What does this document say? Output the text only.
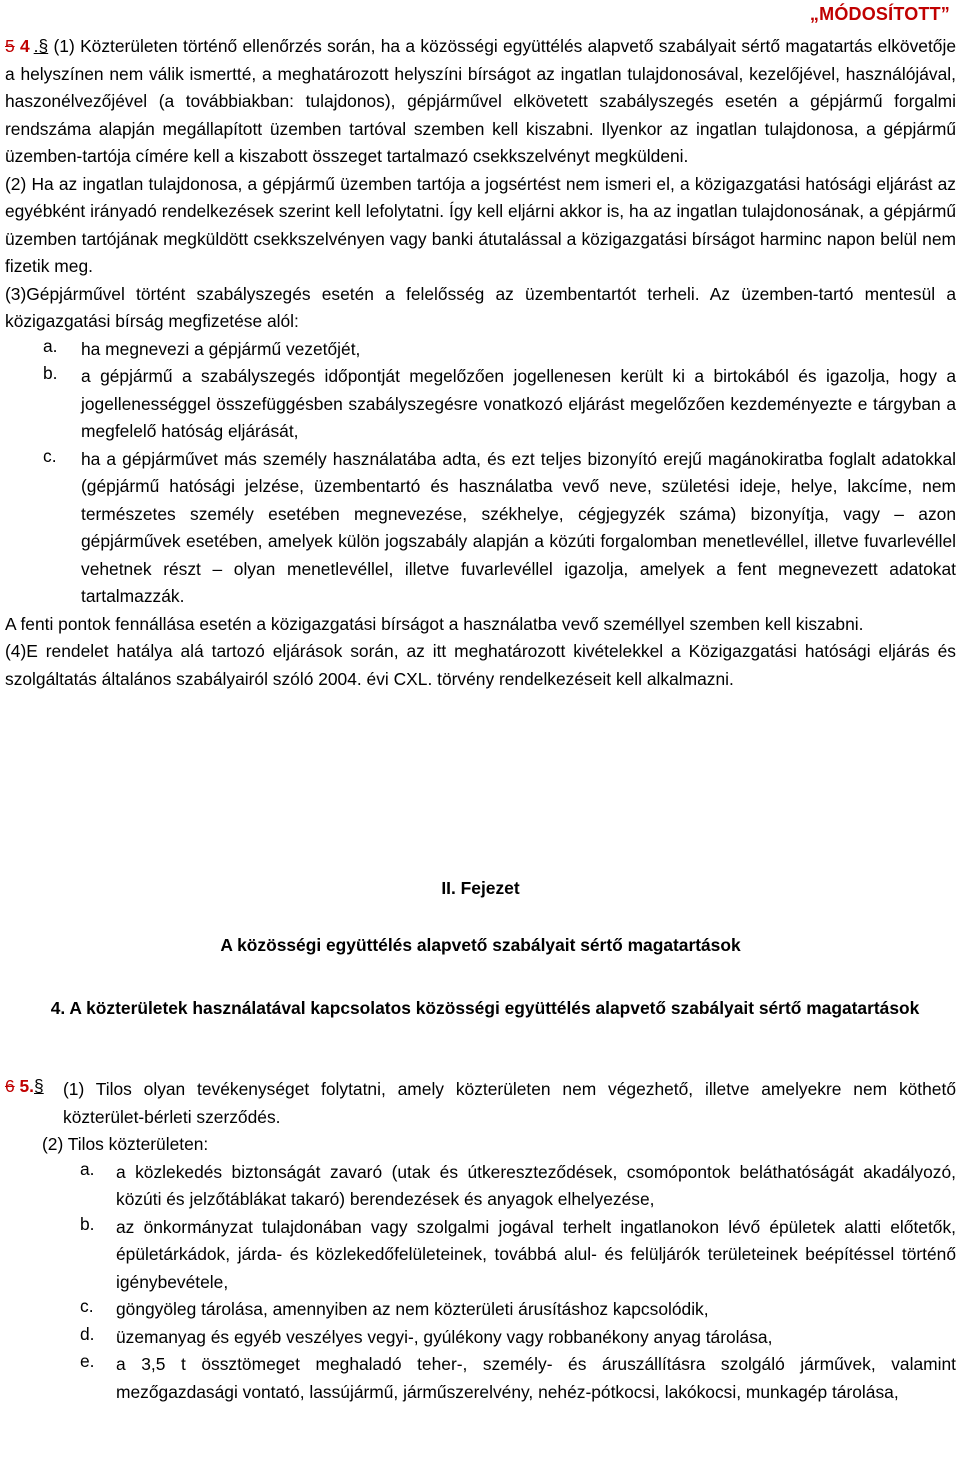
„MÓDOSÍTOTT”

5 4 .§ (1) Közterületen történő ellenőrzés során, ha a közösségi együttélés alapvető szabályait sértő magatartás elkövetője a helyszínen nem válik ismertté, a meghatározott helyszíni bírságot az ingatlan tulajdonosával, kezelőjével, használójával, haszonélvezőjével (a továbbiakban: tulajdonos), gépjárművel elkövetett szabályszegés esetén a gépjármű forgalmi rendszáma alapján megállapított üzemben tartóval szemben kell kiszabni. Ilyenkor az ingatlan tulajdonosa, a gépjármű üzemben-tartója címére kell a kiszabott összeget tartalmazó csekkszelvényt megküldeni.

(2) Ha az ingatlan tulajdonosa, a gépjármű üzemben tartója a jogsértést nem ismeri el, a közigazgatási hatósági eljárást az egyébként irányadó rendelkezések szerint kell lefolytatni. Így kell eljárni akkor is, ha az ingatlan tulajdonosának, a gépjármű üzemben tartójának megküldött csekkszelvényen vagy banki átutalással a közigazgatási bírságot harminc napon belül nem fizetik meg.

(3)Gépjárművel történt szabályszegés esetén a felelősség az üzembentartót terheli. Az üzemben-tartó mentesül a közigazgatási bírság megfizetése alól:

a.	ha megnevezi a gépjármű vezetőjét,

b.	a gépjármű a szabályszegés időpontját megelőzően jogellenesen került ki a birtokából és igazolja, hogy a jogellenességgel összefüggésben szabályszegésre vonatkozó eljárást megelőzően kezdeményezte e tárgyban a megfelelő hatóság eljárását,

c.	ha a gépjárművet más személy használatába adta, és ezt teljes bizonyító erejű magánokiratba foglalt adatokkal (gépjármű hatósági jelzése, üzembentartó és használatba vevő neve, születési ideje, helye, lakcíme, nem természetes személy esetében megnevezése, székhelye, cégjegyzék száma) bizonyítja, vagy – azon gépjárművek esetében, amelyek külön jogszabály alapján a közúti forgalomban menetlevéllel, illetve fuvarlevéllel vehetnek részt – olyan menetlevéllel, illetve fuvarlevéllel igazolja, amelyek a fent megnevezett adatokat tartalmazzák.

A fenti pontok fennállása esetén a közigazgatási bírságot a használatba vevő személlyel szemben kell kiszabni.

(4)E rendelet hatálya alá tartozó eljárások során, az itt meghatározott kivételekkel a Közigazgatási hatósági eljárás és szolgáltatás általános szabályairól szóló 2004. évi CXL. törvény rendelkezéseit kell alkalmazni.

II. Fejezet
A közösségi együttélés alapvető szabályait sértő magatartások
4. A közterületek használatával kapcsolatos közösségi együttélés alapvető szabályait sértő magatartások
6 5.§	(1) Tilos olyan tevékenységet folytatni, amely közterületen nem végezhető, illetve amelyekre nem köthető közterület-bérleti szerződés.

(2) Tilos közterületen:

a.	a közlekedés biztonságát zavaró (utak és útkereszteződések, csomópontok beláthatóságát akadályozó, közúti és jelzőtáblákat takaró) berendezések és anyagok elhelyezése,

b.	az önkormányzat tulajdonában vagy szolgalmi jogával terhelt ingatlanokon lévő épületek alatti előtetők, épületárkádok, járda- és közlekedőfelületeinek, továbbá alul- és felüljárók területeinek beépítéssel történő igénybevétele,

c.	göngyöleg tárolása, amennyiben az nem közterületi árusításhoz kapcsolódik,

d.	üzemanyag és egyéb veszélyes vegyi-, gyúlékony vagy robbanékony anyag tárolása,

e.	a 3,5 t össztömeget meghaladó teher-, személy- és áruszállításra szolgáló járművek, valamint mezőgazdasági vontató, lassújármű, járműszerelvény, nehéz-pótkocsi, lakókocsi, munkagép tárolása,
